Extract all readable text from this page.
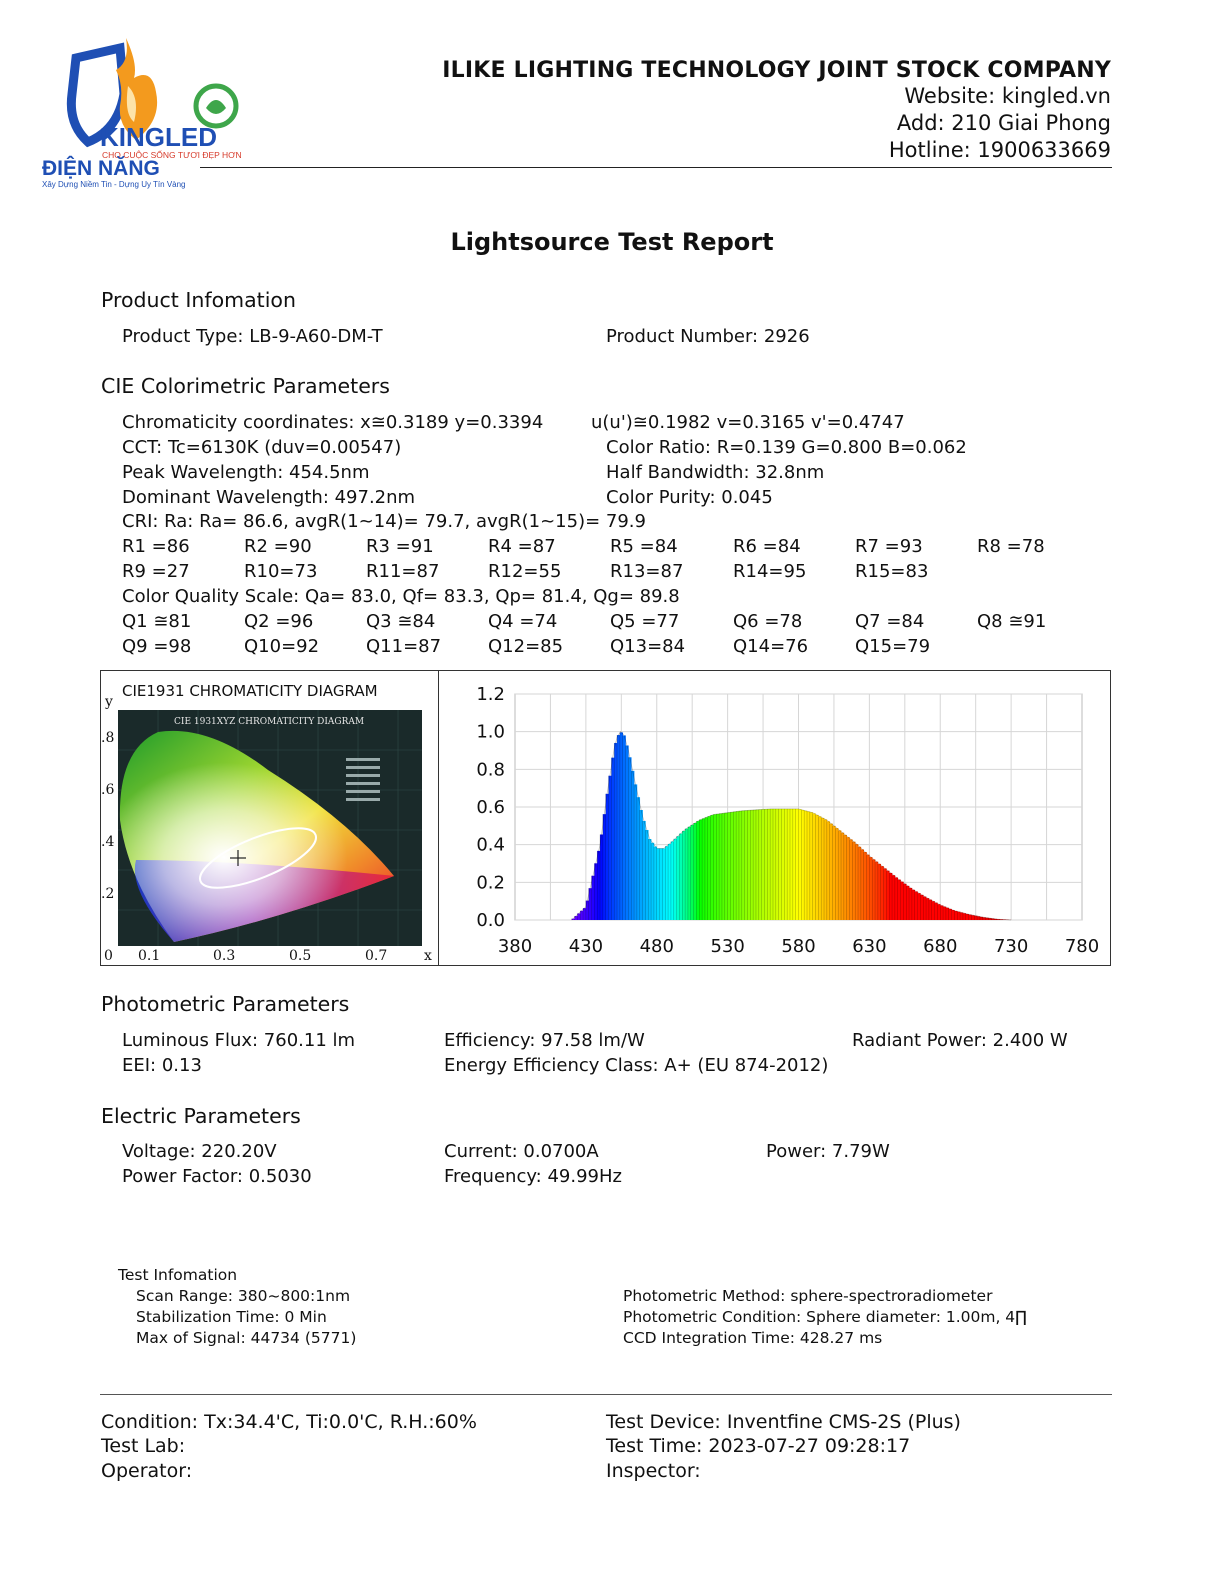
KINGLED
CHO CUỘC SỐNG TƯƠI ĐẸP HƠN
ĐIỆN NĂNG
Xây Dựng Niềm Tin - Dựng Uy Tín Vàng
ILIKE LIGHTING TECHNOLOGY JOINT STOCK COMPANY
Website: kingled.vn
Add: 210 Giai Phong
Hotline: 1900633669
Lightsource Test Report
Product Infomation
Product Type: LB-9-A60-DM-T	Product Number: 2926
CIE Colorimetric Parameters
Chromaticity coordinates: x≅0.3189 y=0.3394	u(u')≅0.1982 v=0.3165 v'=0.4747
CCT: Tc=6130K (duv=0.00547)	Color Ratio: R=0.139 G=0.800 B=0.062
Peak Wavelength: 454.5nm	Half Bandwidth: 32.8nm
Dominant Wavelength: 497.2nm	Color Purity: 0.045
CRI: Ra: Ra= 86.6, avgR(1~14)= 79.7, avgR(1~15)= 79.9
R1 =86	R2 =90	R3 =91	R4 =87	R5 =84	R6 =84	R7 =93	R8 =78
R9 =27	R10=73	R11=87	R12=55	R13=87	R14=95	R15=83
Color Quality Scale: Qa= 83.0, Qf= 83.3, Qp= 81.4, Qg= 89.8
Q1 ≅81	Q2 =96	Q3 ≅84	Q4 =74	Q5 =77	Q6 =78	Q7 =84	Q8 ≅91
Q9 =98	Q10=92	Q11=87	Q12=85	Q13=84	Q14=76	Q15=79
CIE1931 CHROMATICITY DIAGRAM
y
.8
.6
.4
.2
0 0.1	0.3	0.5	0.7	x
CIE 1931XYZ CHROMATICITY DIAGRAM
1.2
1.0
0.8
0.6
0.4
0.2
0.0
380 430 480 530 580 630 680 730 780
Photometric Parameters
Luminous Flux: 760.11 lm	Efficiency: 97.58 lm/W	Radiant Power: 2.400 W
EEI: 0.13	Energy Efficiency Class: A+ (EU 874-2012)
Electric Parameters
Voltage: 220.20V	Current: 0.0700A	Power: 7.79W
Power Factor: 0.5030	Frequency: 49.99Hz
Test Infomation
Scan Range: 380~800:1nm
Stabilization Time: 0 Min
Max of Signal: 44734 (5771)
Photometric Method: sphere-spectroradiometer
Photometric Condition: Sphere diameter: 1.00m, 4∏
CCD Integration Time: 428.27 ms
Condition: Tx:34.4'C, Ti:0.0'C, R.H.:60%	Test Device: Inventfine CMS-2S (Plus)
Test Lab:	Test Time: 2023-07-27 09:28:17
Operator:	Inspector:
